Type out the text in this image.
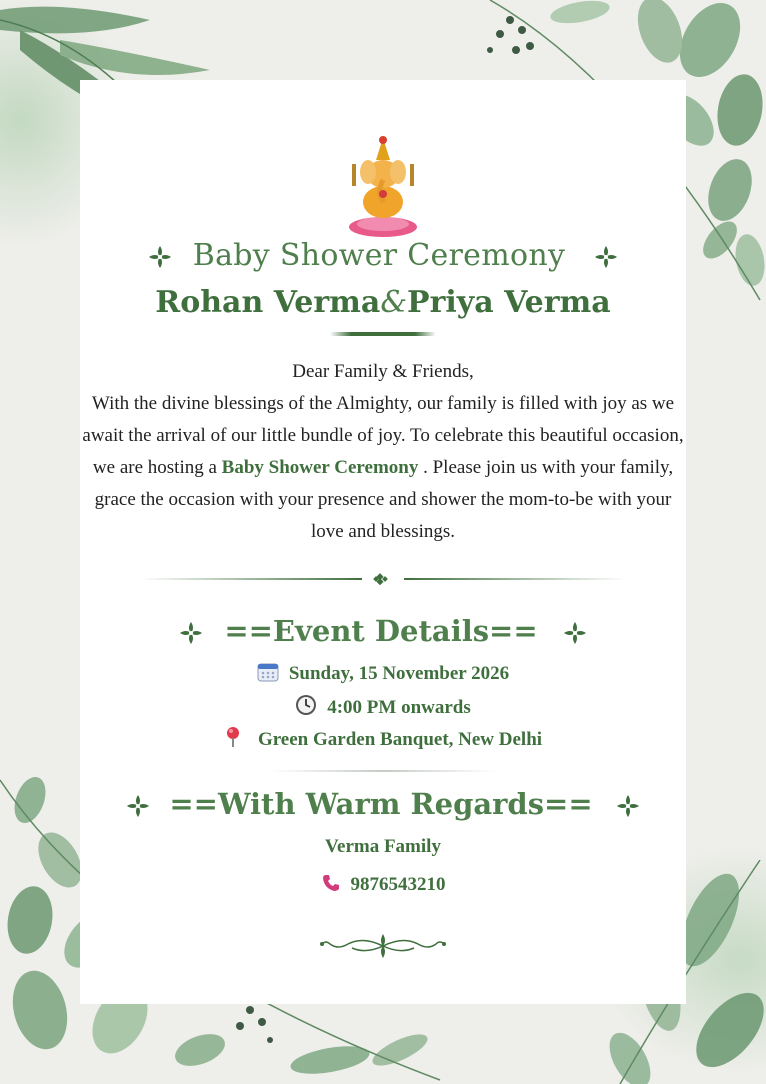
Baby Shower Ceremony
Rohan Verma&Priya Verma
Dear Family & Friends,
With the divine blessings of the Almighty, our family is filled with joy as we await the arrival of our little bundle of joy. To celebrate this beautiful occasion, we are hosting a Baby Shower Ceremony . Please join us with your family, grace the occasion with your presence and shower the mom-to-be with your love and blessings.
==Event Details==
Sunday, 15 November 2026
4:00 PM onwards
Green Garden Banquet, New Delhi
==With Warm Regards==
Verma Family
9876543210
